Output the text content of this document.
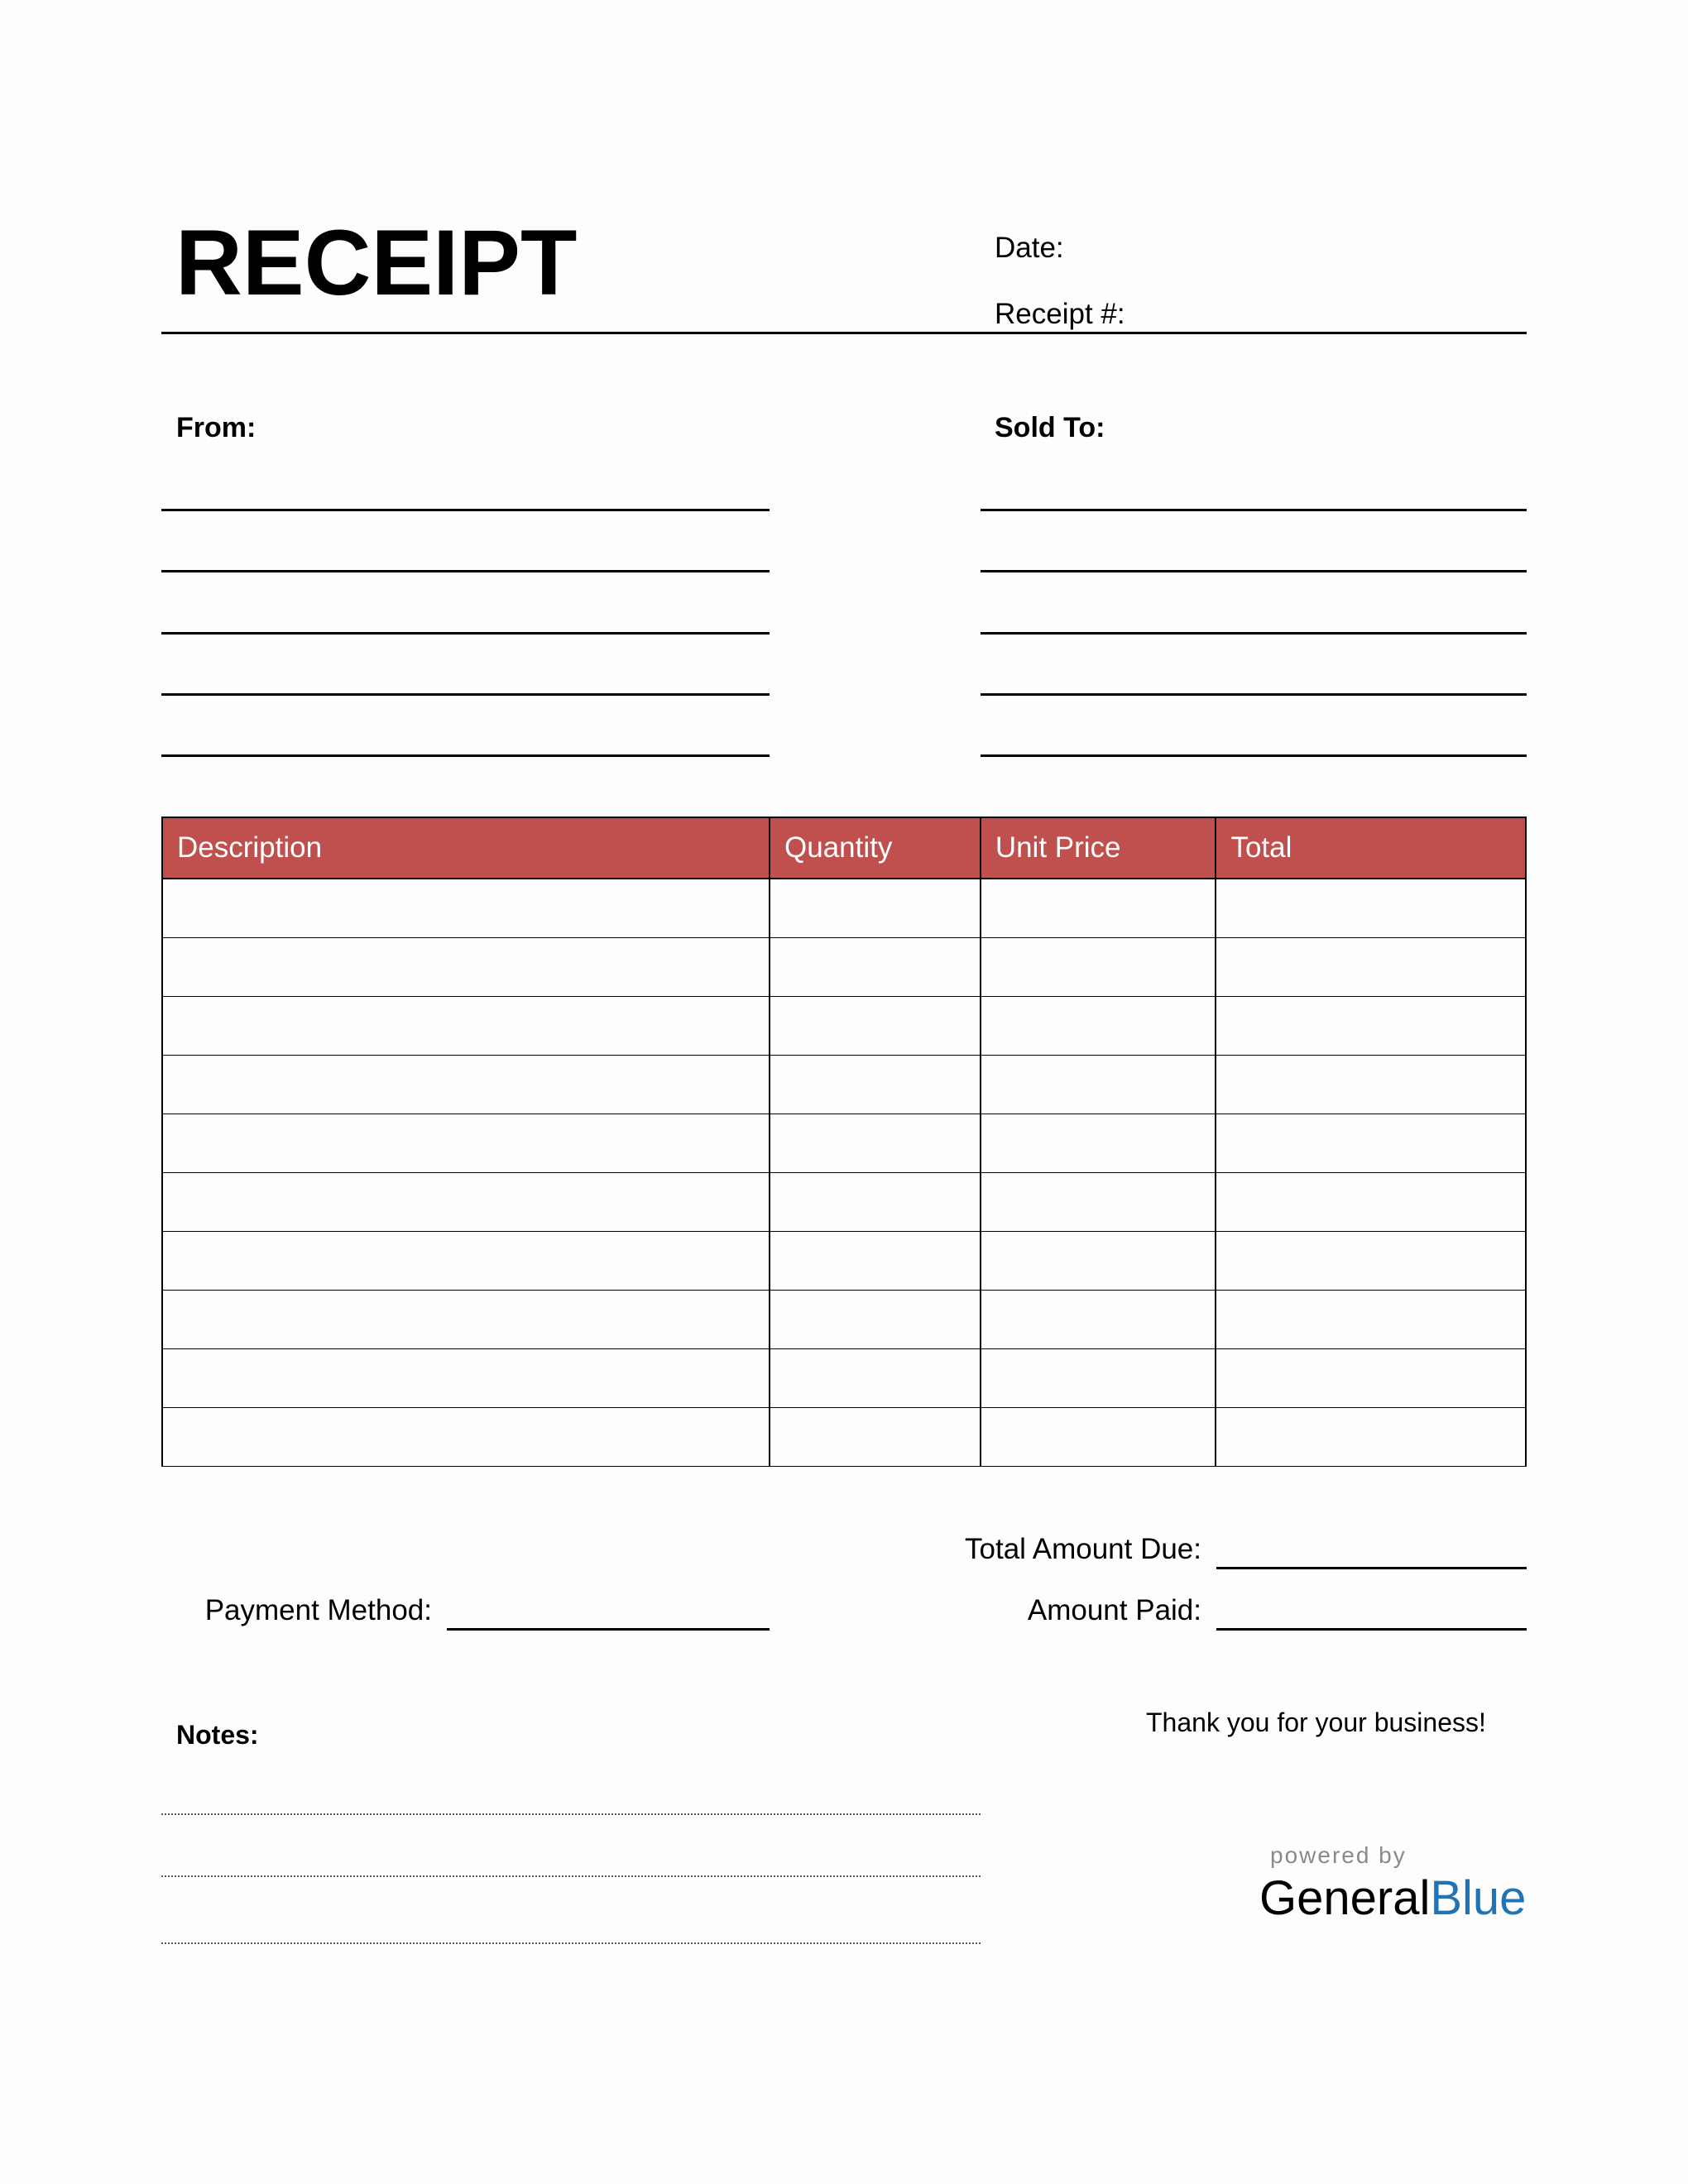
RECEIPT	Date:
Receipt #:
From:	Sold To:
Description	Quantity	Unit Price	Total

Total Amount Due:
Amount Paid:
Payment Method:
Notes:	Thank you for your business!
powered by
GeneralBlue
